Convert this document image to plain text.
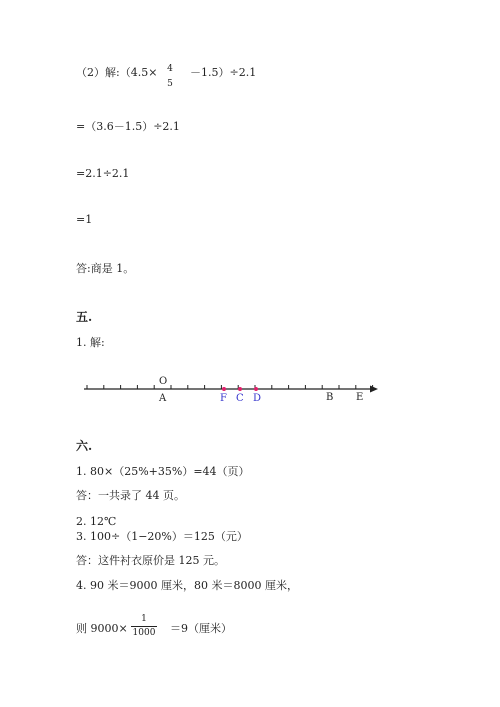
（2）解:（4.5× 4
5
－1.5）÷2.1
=（3.6－1.5）÷2.1
=2.1÷2.1
=1
答:商是 1。
五.
1. 解:
O
A	F C D	B E
六.
1. 80×（25%+35%）=44（页）
答：一共录了 44 页。
2. 12℃
3. 100÷（1−20%）＝125（元）
答：这件衬衣原价是 125 元。
4. 90 米＝9000 厘米，80 米＝8000 厘米，
则 9000×
1
1000 ＝9（厘米）
